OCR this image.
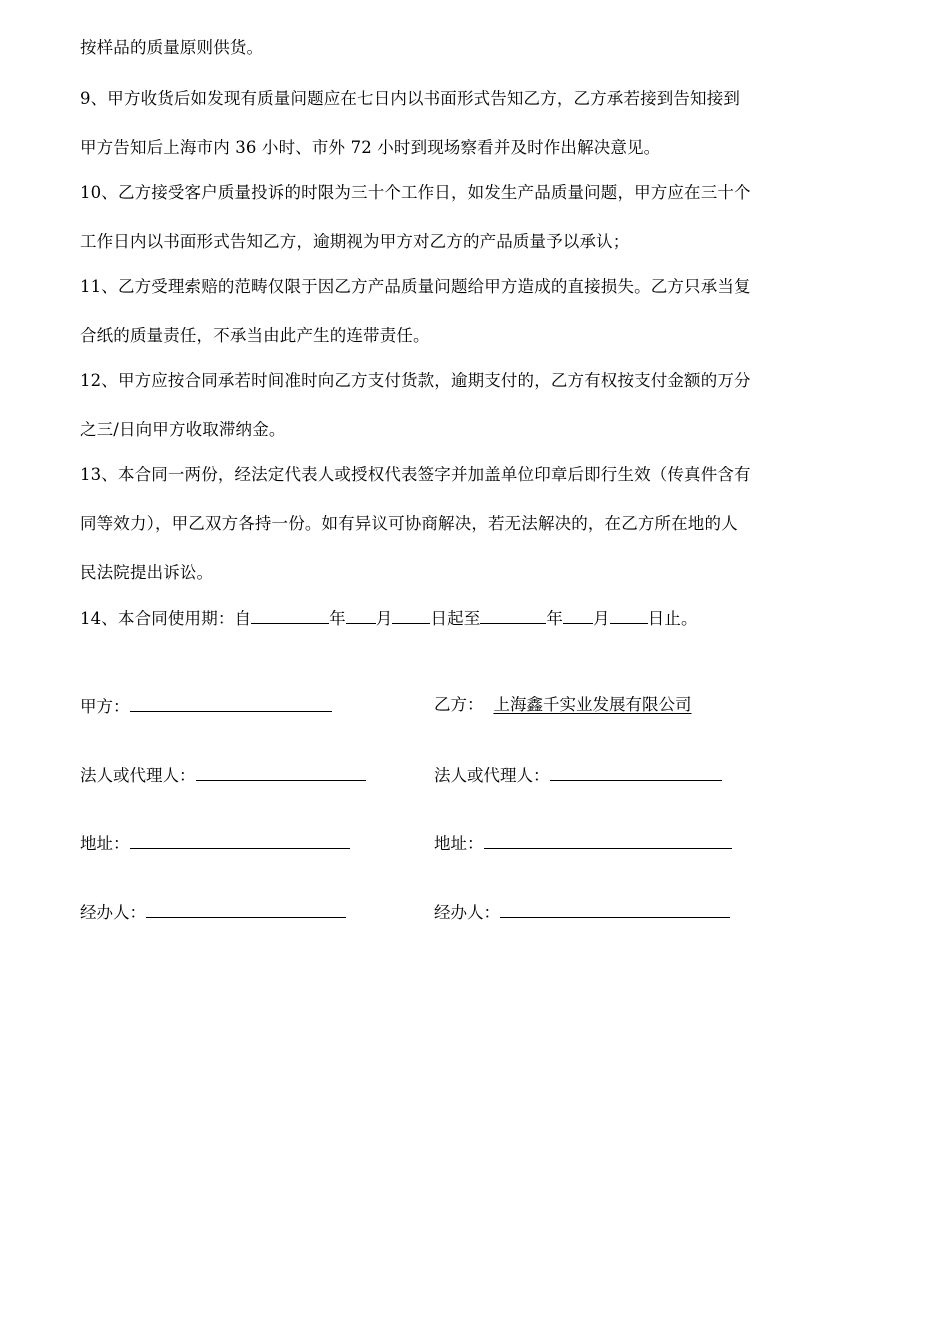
按样品的质量原则供货。
9、甲方收货后如发现有质量问题应在七日内以书面形式告知乙方，乙方承若接到告知接到
甲方告知后上海市内 36 小时、市外 72 小时到现场察看并及时作出解决意见。
10、乙方接受客户质量投诉的时限为三十个工作日，如发生产品质量问题，甲方应在三十个
工作日内以书面形式告知乙方，逾期视为甲方对乙方的产品质量予以承认；
11、乙方受理索赔的范畴仅限于因乙方产品质量问题给甲方造成的直接损失。乙方只承当复
合纸的质量责任，不承当由此产生的连带责任。
12、甲方应按合同承若时间准时向乙方支付货款，逾期支付的，乙方有权按支付金额的万分
之三/日向甲方收取滞纳金。
13、本合同一两份，经法定代表人或授权代表签字并加盖单位印章后即行生效（传真件含有
同等效力），甲乙双方各持一份。如有异议可协商解决，若无法解决的，在乙方所在地的人
民法院提出诉讼。
14、本合同使用期：自	年 月 日起至	年 月 日止。
甲方：
法人或代理人：
地址：
经办人：
乙方： 上海鑫千实业发展有限公司
法人或代理人：
地址：
经办人：
